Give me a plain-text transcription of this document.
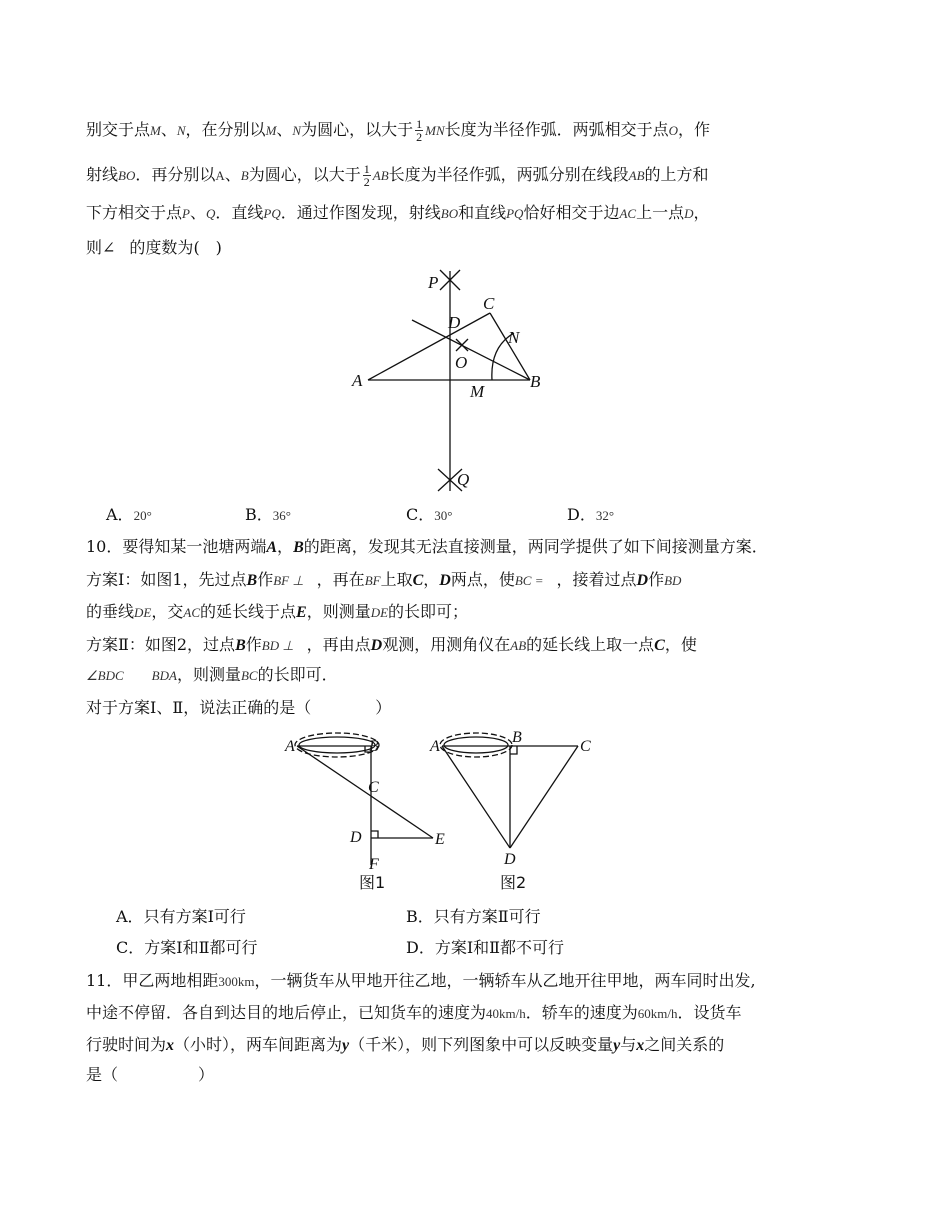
别交于点M、N，在分别以M、N为圆心，以大于 $\frac{1}{2}$ MN长度为半径作弧．两弧相交于点O，作
射线BO．再分别以A、B为圆心，以大于 $\frac{1}{2}$ AB长度为半径作弧，两弧分别在线段AB的上方和
下方相交于点P、Q．直线PQ．通过作图发现，射线BO和直线PQ恰好相交于边AC上一点D，
则∠ 的度数为(　)
P
C
D
N
O
A
M
B
Q
A．20°	B．36°	C．30°	D．32°
10．要得知某一池塘两端A，B的距离，发现其无法直接测量，两同学提供了如下间接测量方案．
方案Ⅰ：如图1，先过点B作BF ⊥　，再在BF上取C，D两点，使BC =　，接着过点D作BD
的垂线DE，交AC的延长线于点E，则测量DE的长即可；
方案Ⅱ：如图2，过点B作BD ⊥　，再由点D观测，用测角仪在AB的延长线上取一点C，使
∠BDC BDA，则测量BC的长即可．
对于方案Ⅰ、Ⅱ，说法正确的是（　　　　）
A	B
C
D	E
F
图1
A
B
C
D
图2
A．只有方案Ⅰ可行	B．只有方案Ⅱ可行
C．方案Ⅰ和Ⅱ都可行	D．方案Ⅰ和Ⅱ都不可行
11．甲乙两地相距300km，一辆货车从甲地开往乙地，一辆轿车从乙地开往甲地，两车同时出发,
中途不停留．各自到达目的地后停止，已知货车的速度为40km/h．轿车的速度为60km/h．设货车
行驶时间为x（小时），两车间距离为y（千米），则下列图象中可以反映变量y与x之间关系的
是（　　　　　）
